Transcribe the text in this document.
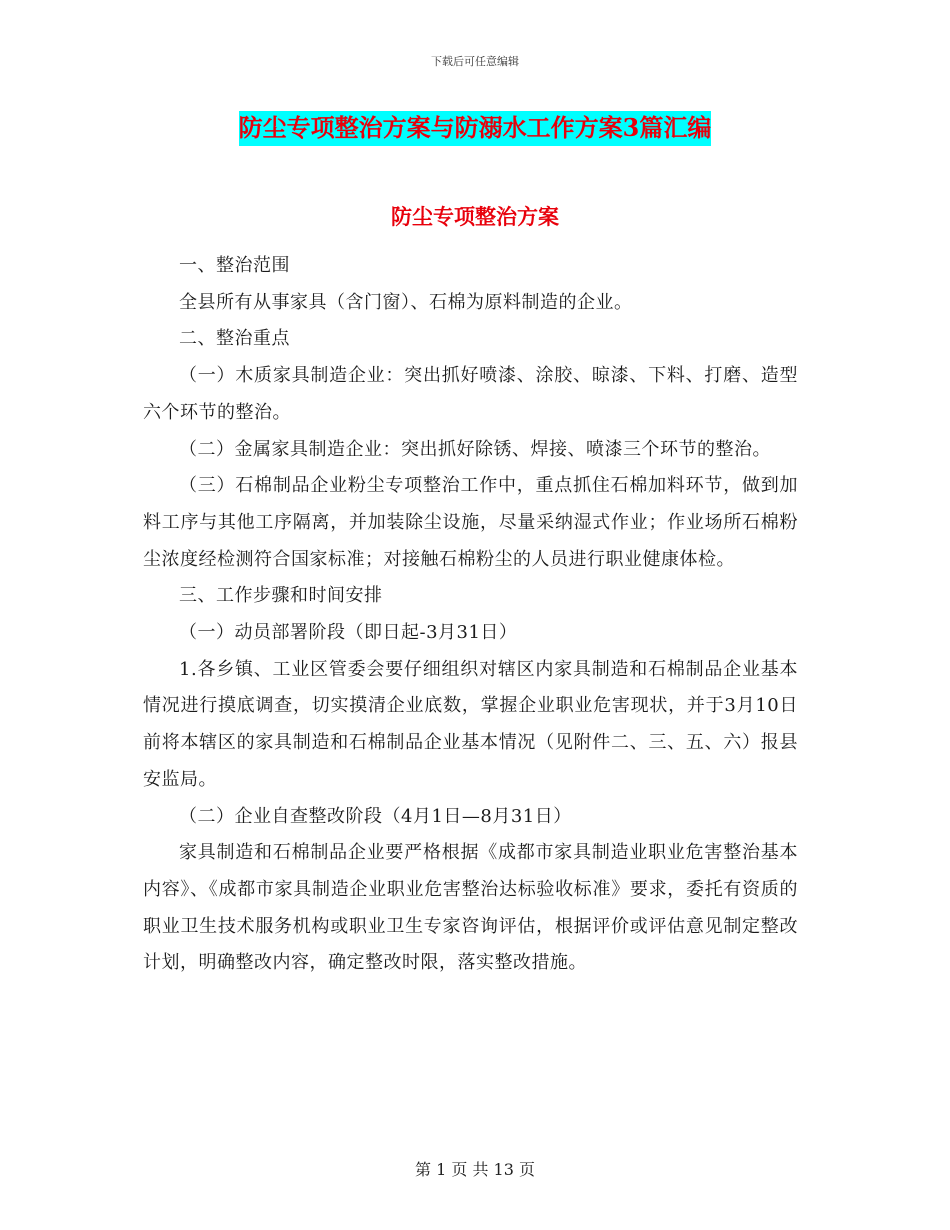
下载后可任意编辑
防尘专项整治方案与防溺水工作方案3篇汇编
防尘专项整治方案

一、整治范围

全县所有从事家具（含门窗）、石棉为原料制造的企业。

二、整治重点

（一）木质家具制造企业：突出抓好喷漆、涂胶、晾漆、下料、打磨、造型六个环节的整治。

（二）金属家具制造企业：突出抓好除锈、焊接、喷漆三个环节的整治。

（三）石棉制品企业粉尘专项整治工作中，重点抓住石棉加料环节，做到加料工序与其他工序隔离，并加装除尘设施，尽量采纳湿式作业；作业场所石棉粉尘浓度经检测符合国家标准；对接触石棉粉尘的人员进行职业健康体检。

三、工作步骤和时间安排

（一）动员部署阶段（即日起-3月31日）

1.各乡镇、工业区管委会要仔细组织对辖区内家具制造和石棉制品企业基本情况进行摸底调查，切实摸清企业底数，掌握企业职业危害现状，并于3月10日前将本辖区的家具制造和石棉制品企业基本情况（见附件二、三、五、六）报县安监局。

（二）企业自查整改阶段（4月1日—8月31日）

家具制造和石棉制品企业要严格根据《成都市家具制造业职业危害整治基本内容》、《成都市家具制造企业职业危害整治达标验收标准》要求，委托有资质的职业卫生技术服务机构或职业卫生专家咨询评估，根据评价或评估意见制定整改计划，明确整改内容，确定整改时限，落实整改措施。

第 1 页 共 13 页
